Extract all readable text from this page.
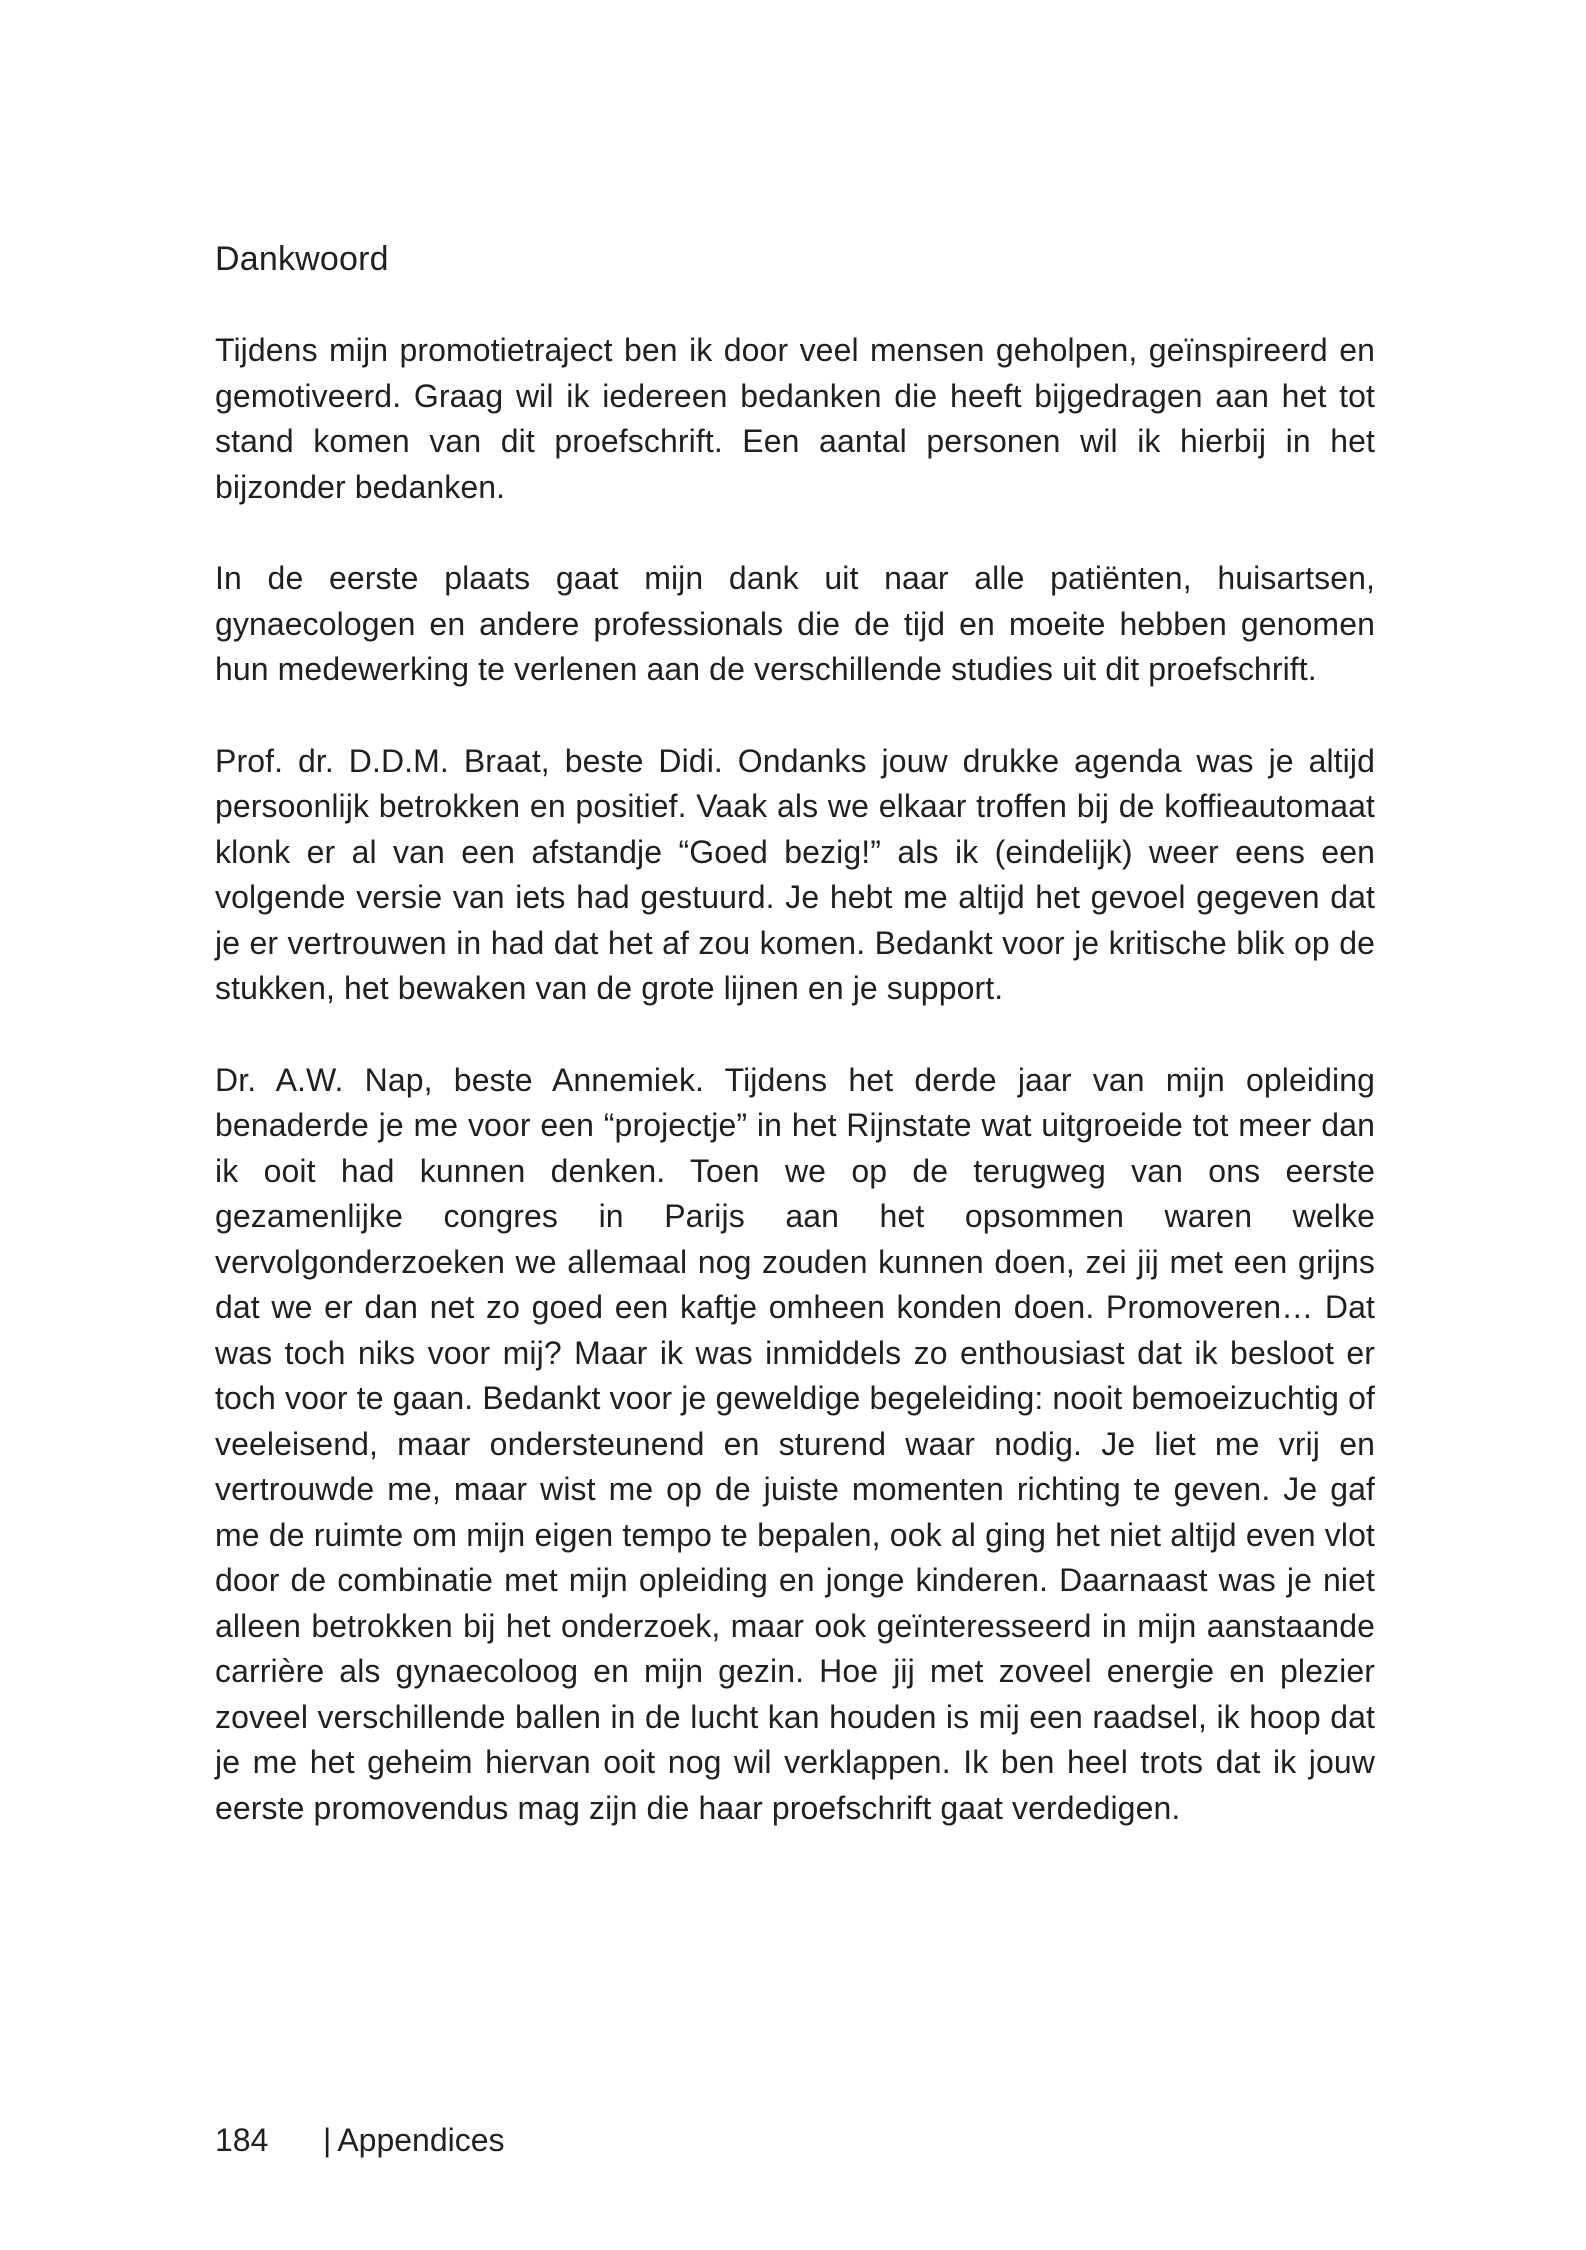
Dankwoord

Tijdens mijn promotietraject ben ik door veel mensen geholpen, geïnspireerd en gemotiveerd. Graag wil ik iedereen bedanken die heeft bijgedragen aan het tot stand komen van dit proefschrift. Een aantal personen wil ik hierbij in het bijzonder bedanken.

In de eerste plaats gaat mijn dank uit naar alle patiënten, huisartsen, gynaecologen en andere professionals die de tijd en moeite hebben genomen hun medewerking te verlenen aan de verschillende studies uit dit proefschrift.

Prof. dr. D.D.M. Braat, beste Didi. Ondanks jouw drukke agenda was je altijd persoonlijk betrokken en positief. Vaak als we elkaar troffen bij de koffieautomaat klonk er al van een afstandje “Goed bezig!” als ik (eindelijk) weer eens een volgende versie van iets had gestuurd. Je hebt me altijd het gevoel gegeven dat je er vertrouwen in had dat het af zou komen. Bedankt voor je kritische blik op de stukken, het bewaken van de grote lijnen en je support.

Dr. A.W. Nap, beste Annemiek. Tijdens het derde jaar van mijn opleiding benaderde je me voor een “projectje” in het Rijnstate wat uitgroeide tot meer dan ik ooit had kunnen denken. Toen we op de terugweg van ons eerste gezamenlijke congres in Parijs aan het opsommen waren welke vervolgonderzoeken we allemaal nog zouden kunnen doen, zei jij met een grijns dat we er dan net zo goed een kaftje omheen konden doen. Promoveren… Dat was toch niks voor mij? Maar ik was inmiddels zo enthousiast dat ik besloot er toch voor te gaan. Bedankt voor je geweldige begeleiding: nooit bemoeizuchtig of veeleisend, maar ondersteunend en sturend waar nodig. Je liet me vrij en vertrouwde me, maar wist me op de juiste momenten richting te geven. Je gaf me de ruimte om mijn eigen tempo te bepalen, ook al ging het niet altijd even vlot door de combinatie met mijn opleiding en jonge kinderen. Daarnaast was je niet alleen betrokken bij het onderzoek, maar ook geïnteresseerd in mijn aanstaande carrière als gynaecoloog en mijn gezin. Hoe jij met zoveel energie en plezier zoveel verschillende ballen in de lucht kan houden is mij een raadsel, ik hoop dat je me het geheim hiervan ooit nog wil verklappen. Ik ben heel trots dat ik jouw eerste promovendus mag zijn die haar proefschrift gaat verdedigen.

184 | Appendices
